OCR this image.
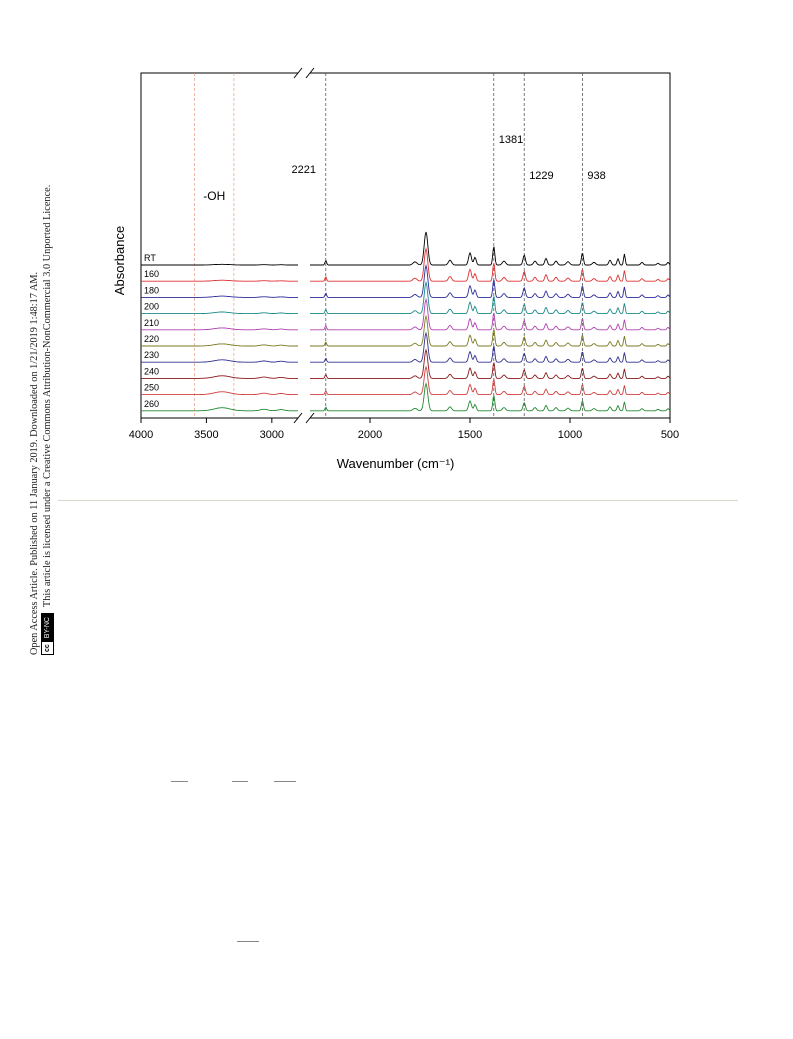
Open Access Article. Published on 11 January 2019. Downloaded on 1/21/2019 1:48:17 AM. ccBY-NCThis article is licensed under a Creative Commons Attribution-NonCommercial 3.0 Unported Licence.	4000	3500	3000	2000	1500	1000	500
Wavenumber (cm⁻¹)
Absorbance
2221
1381
1229	938
-OH
RT
160
180
200
210
220
230
240
250
260
